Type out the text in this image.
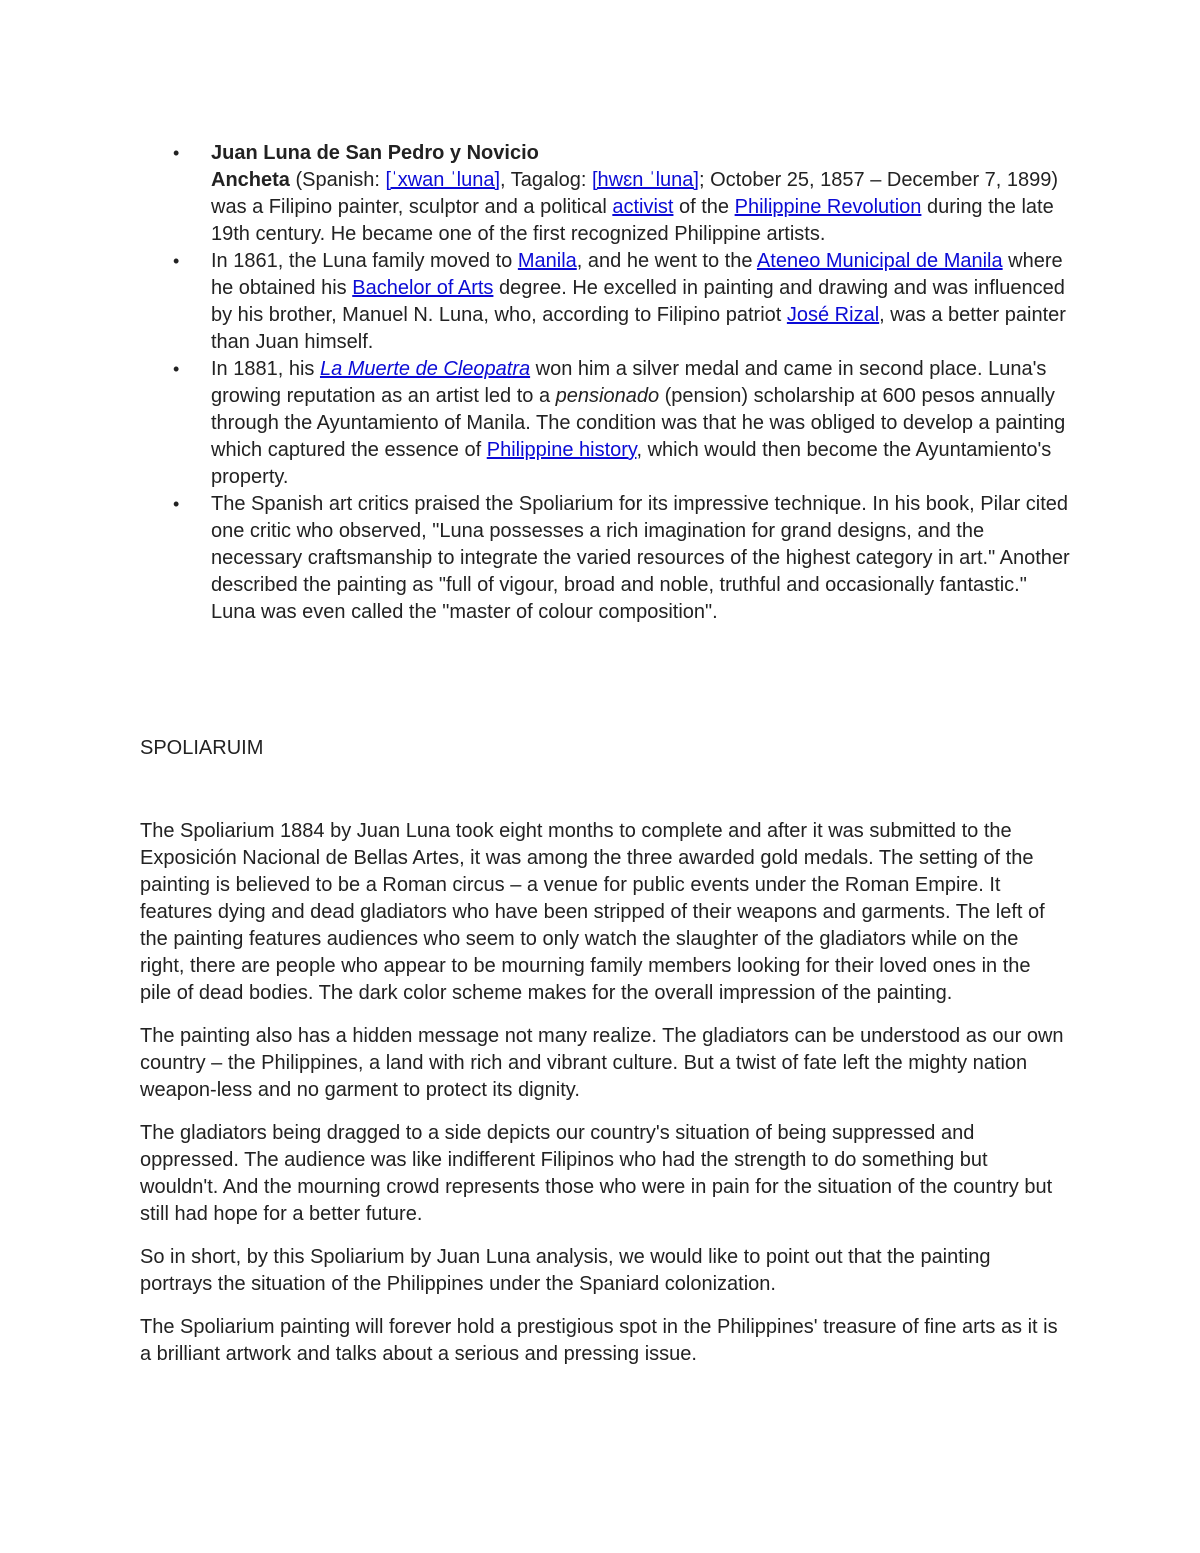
•	Juan Luna de San Pedro y Novicio
Ancheta (Spanish: [ˈxwan ˈluna], Tagalog: [hwɛn ˈluna]; October 25, 1857 – December 7, 1899) was a Filipino painter, sculptor and a political activist of the Philippine Revolution during the late 19th century. He became one of the first recognized Philippine artists.
•	In 1861, the Luna family moved to Manila, and he went to the Ateneo Municipal de Manila where he obtained his Bachelor of Arts degree. He excelled in painting and drawing and was influenced by his brother, Manuel N. Luna, who, according to Filipino patriot José Rizal, was a better painter than Juan himself.
•	In 1881, his La Muerte de Cleopatra won him a silver medal and came in second place. Luna's growing reputation as an artist led to a pensionado (pension) scholarship at 600 pesos annually through the Ayuntamiento of Manila. The condition was that he was obliged to develop a painting which captured the essence of Philippine history, which would then become the Ayuntamiento's property.
•	The Spanish art critics praised the Spoliarium for its impressive technique. In his book, Pilar cited one critic who observed, "Luna possesses a rich imagination for grand designs, and the necessary craftsmanship to integrate the varied resources of the highest category in art." Another described the painting as "full of vigour, broad and noble, truthful and occasionally fantastic." Luna was even called the "master of colour composition".
SPOLIARUIM

The Spoliarium 1884 by Juan Luna took eight months to complete and after it was submitted to the Exposición Nacional de Bellas Artes, it was among the three awarded gold medals. The setting of the painting is believed to be a Roman circus – a venue for public events under the Roman Empire. It features dying and dead gladiators who have been stripped of their weapons and garments. The left of the painting features audiences who seem to only watch the slaughter of the gladiators while on the right, there are people who appear to be mourning family members looking for their loved ones in the pile of dead bodies. The dark color scheme makes for the overall impression of the painting.

The painting also has a hidden message not many realize. The gladiators can be understood as our own country – the Philippines, a land with rich and vibrant culture. But a twist of fate left the mighty nation weapon-less and no garment to protect its dignity.

The gladiators being dragged to a side depicts our country's situation of being suppressed and oppressed. The audience was like indifferent Filipinos who had the strength to do something but wouldn't. And the mourning crowd represents those who were in pain for the situation of the country but still had hope for a better future.

So in short, by this Spoliarium by Juan Luna analysis, we would like to point out that the painting portrays the situation of the Philippines under the Spaniard colonization.

The Spoliarium painting will forever hold a prestigious spot in the Philippines' treasure of fine arts as it is a brilliant artwork and talks about a serious and pressing issue.
